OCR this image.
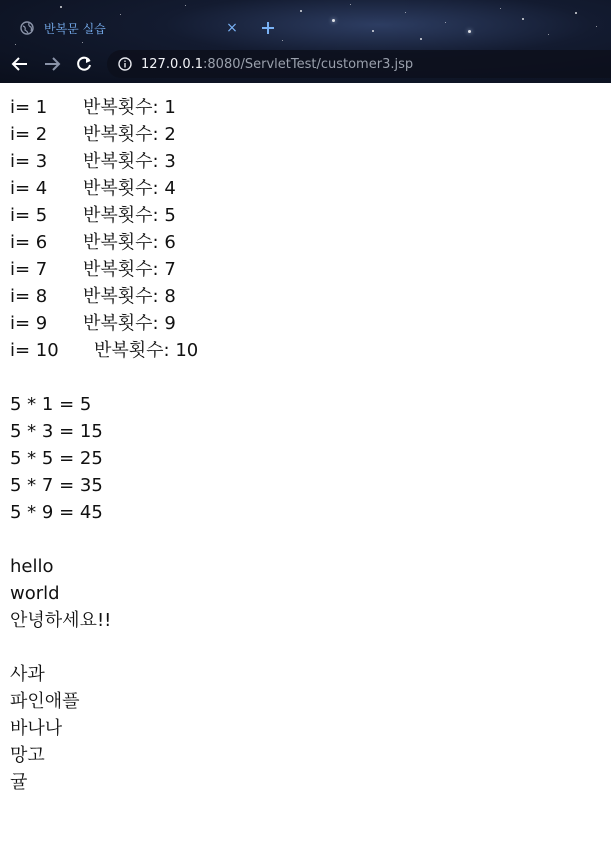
반복문 실습	×
127.0.0.1:8080/ServletTest/customer3.jsp
i= 1 반복횟수: 1
i= 2 반복횟수: 2
i= 3 반복횟수: 3
i= 4 반복횟수: 4
i= 5 반복횟수: 5
i= 6 반복횟수: 6
i= 7 반복횟수: 7
i= 8 반복횟수: 8
i= 9 반복횟수: 9
i= 10 반복횟수: 10
5 * 1 = 5
5 * 3 = 15
5 * 5 = 25
5 * 7 = 35
5 * 9 = 45
hello
world
안녕하세요!!
사과
파인애플
바나나
망고
귤
